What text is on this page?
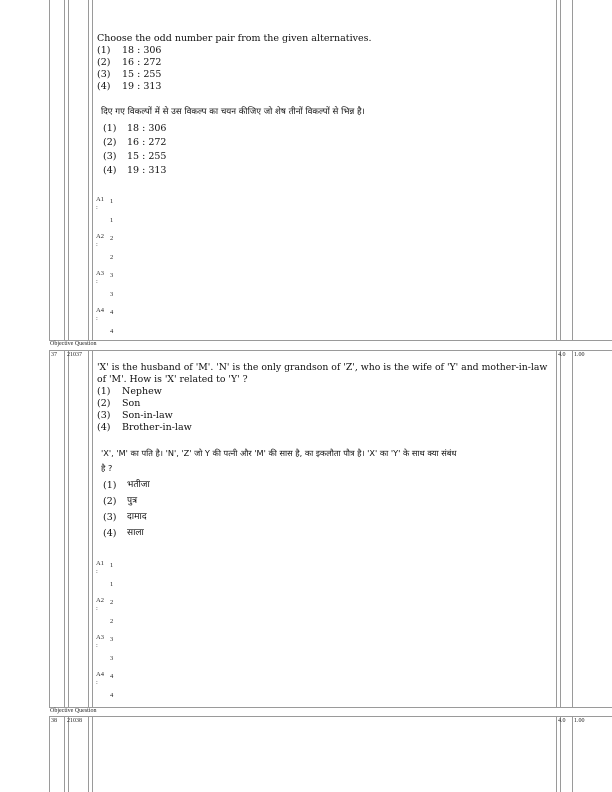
Choose the odd number pair from the given alternatives.
(1) 18 : 306
(2) 16 : 272
(3) 15 : 255
(4) 19 : 313
दिए गए विकल्पों में से उस विकल्प का चयन कीजिए जो शेष तीनों विकल्पों से भिन्न है।
(1) 18 : 306
(2) 16 : 272
(3) 15 : 255
(4) 19 : 313
A1
:
1
1
A2
:
2
2
A3
:
3
3
A4
:
4
4
Objective Question
37 21037	4.0 1.00
'X' is the husband of 'M'. 'N' is the only grandson of 'Z', who is the wife of 'Y' and mother-in-law
of 'M'. How is 'X' related to 'Y' ?
(1) Nephew
(2) Son
(3) Son-in-law
(4) Brother-in-law
'X', 'M' का पति है। 'N', 'Z' जो Y की पत्नी और 'M' की सास है, का इकलौता पौत्र है। 'X' का 'Y' के साथ क्या संबंध
है ?
(1) भतीजा
(2) पुत्र
(3) दामाद
(4) साला
A1
:
1
1
A2
:
2
2
A3
:
3
3
A4
:
4
4
Objective Question
38 21038	4.0 1.00
